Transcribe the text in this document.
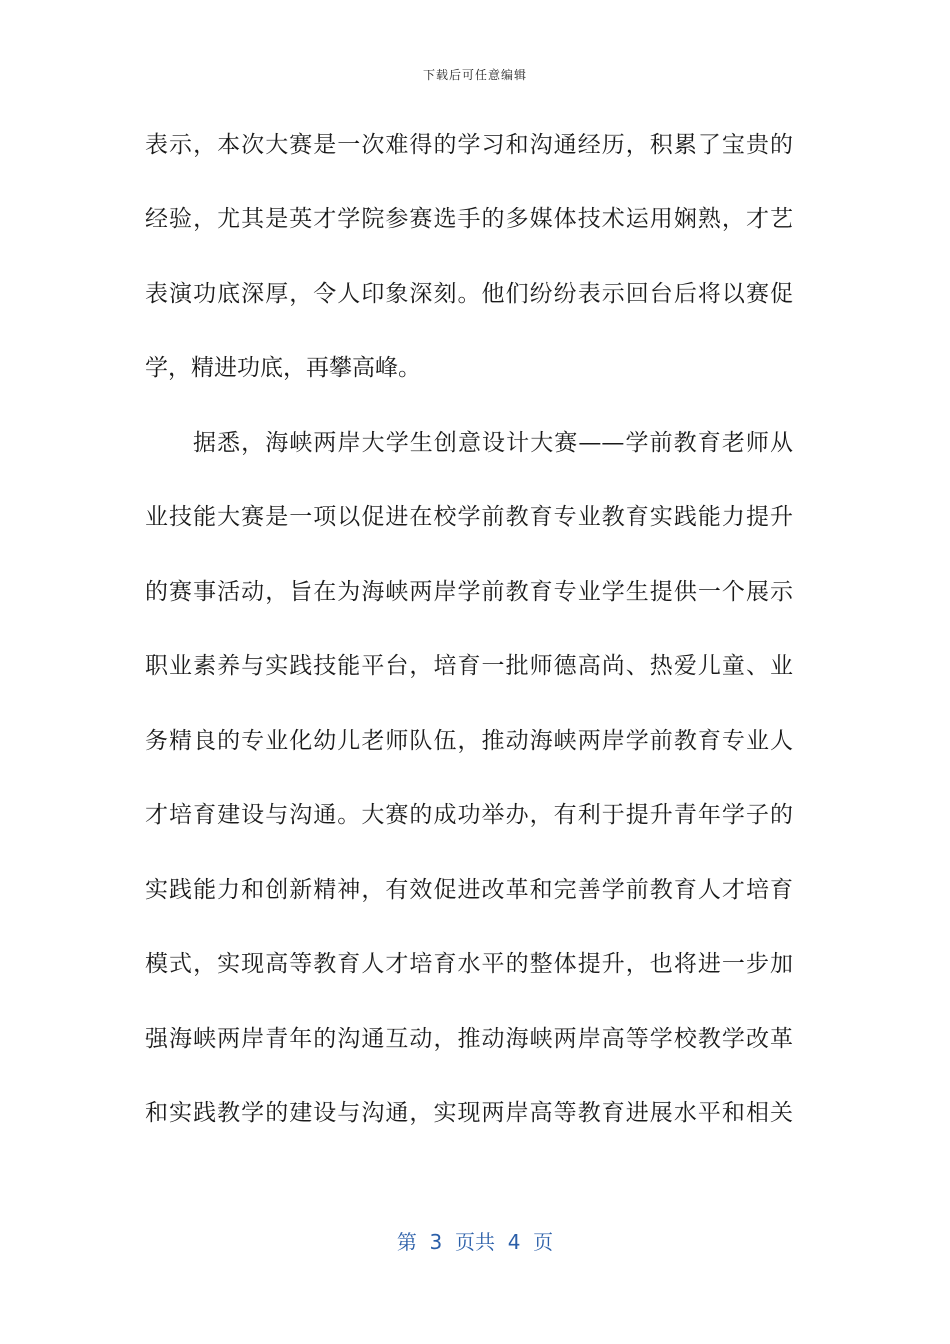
下载后可任意编辑
表示，本次大赛是一次难得的学习和沟通经历，积累了宝贵的
经验，尤其是英才学院参赛选手的多媒体技术运用娴熟，才艺
表演功底深厚，令人印象深刻。他们纷纷表示回台后将以赛促
学，精进功底，再攀高峰。
据悉，海峡两岸大学生创意设计大赛——学前教育老师从
业技能大赛是一项以促进在校学前教育专业教育实践能力提升
的赛事活动，旨在为海峡两岸学前教育专业学生提供一个展示
职业素养与实践技能平台，培育一批师德高尚、热爱儿童、业
务精良的专业化幼儿老师队伍，推动海峡两岸学前教育专业人
才培育建设与沟通。大赛的成功举办，有利于提升青年学子的
实践能力和创新精神，有效促进改革和完善学前教育人才培育
模式，实现高等教育人才培育水平的整体提升，也将进一步加
强海峡两岸青年的沟通互动，推动海峡两岸高等学校教学改革
和实践教学的建设与沟通，实现两岸高等教育进展水平和相关
第  3  页共  4  页
